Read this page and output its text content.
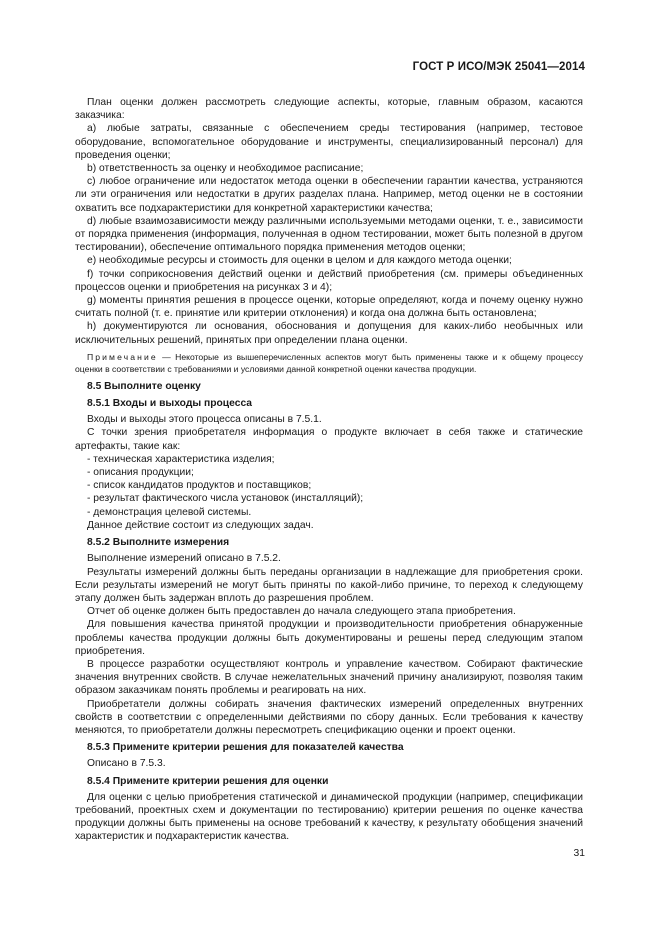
ГОСТ Р ИСО/МЭК 25041—2014

План оценки должен рассмотреть следующие аспекты, которые, главным образом, касаются заказчика:

а) любые затраты, связанные с обеспечением среды тестирования (например, тестовое оборудование, вспомогательное оборудование и инструменты, специализированный персонал) для проведения оценки;

b) ответственность за оценку и необходимое расписание;

c) любое ограничение или недостаток метода оценки в обеспечении гарантии качества, устраняются ли эти ограничения или недостатки в других разделах плана. Например, метод оценки не в состоянии охватить все подхарактеристики для конкретной характеристики качества;

d) любые взаимозависимости между различными используемыми методами оценки, т. е., зависимости от порядка применения (информация, полученная в одном тестировании, может быть полезной в другом тестировании), обеспечение оптимального порядка применения методов оценки;

e) необходимые ресурсы и стоимость для оценки в целом и для каждого метода оценки;

f) точки соприкосновения действий оценки и действий приобретения (см. примеры объединенных процессов оценки и приобретения на рисунках 3 и 4);

g) моменты принятия решения в процессе оценки, которые определяют, когда и почему оценку нужно считать полной (т. е. принятие или критерии отклонения) и когда она должна быть остановлена;

h) документируются ли основания, обоснования и допущения для каких-либо необычных или исключительных решений, принятых при определении плана оценки.

Примечание — Некоторые из вышеперечисленных аспектов могут быть применены также и к общему процессу оценки в соответствии с требованиями и условиями данной конкретной оценки качества продукции.
8.5 Выполните оценку
8.5.1 Входы и выходы процесса

Входы и выходы этого процесса описаны в 7.5.1.

С точки зрения приобретателя информация о продукте включает в себя также и статические артефакты, такие как:

- техническая характеристика изделия;
- описания продукции;
- список кандидатов продуктов и поставщиков;
- результат фактического числа установок (инсталляций);
- демонстрация целевой системы.

Данное действие состоит из следующих задач.

8.5.2 Выполните измерения

Выполнение измерений описано в 7.5.2.

Результаты измерений должны быть переданы организации в надлежащие для приобретения сроки. Если результаты измерений не могут быть приняты по какой-либо причине, то переход к следующему этапу должен быть задержан вплоть до разрешения проблем.

Отчет об оценке должен быть предоставлен до начала следующего этапа приобретения.

Для повышения качества принятой продукции и производительности приобретения обнаруженные проблемы качества продукции должны быть документированы и решены перед следующим этапом приобретения.

В процессе разработки осуществляют контроль и управление качеством. Собирают фактические значения внутренних свойств. В случае нежелательных значений причину анализируют, позволяя таким образом заказчикам понять проблемы и реагировать на них.

Приобретатели должны собирать значения фактических измерений определенных внутренних свойств в соответствии с определенными действиями по сбору данных. Если требования к качеству меняются, то приобретатели должны пересмотреть спецификацию оценки и проект оценки.

8.5.3 Примените критерии решения для показателей качества

Описано в 7.5.3.

8.5.4 Примените критерии решения для оценки

Для оценки с целью приобретения статической и динамической продукции (например, спецификации требований, проектных схем и документации по тестированию) критерии решения по оценке качества продукции должны быть применены на основе требований к качеству, к результату обобщения значений характеристик и подхарактеристик качества.

31
